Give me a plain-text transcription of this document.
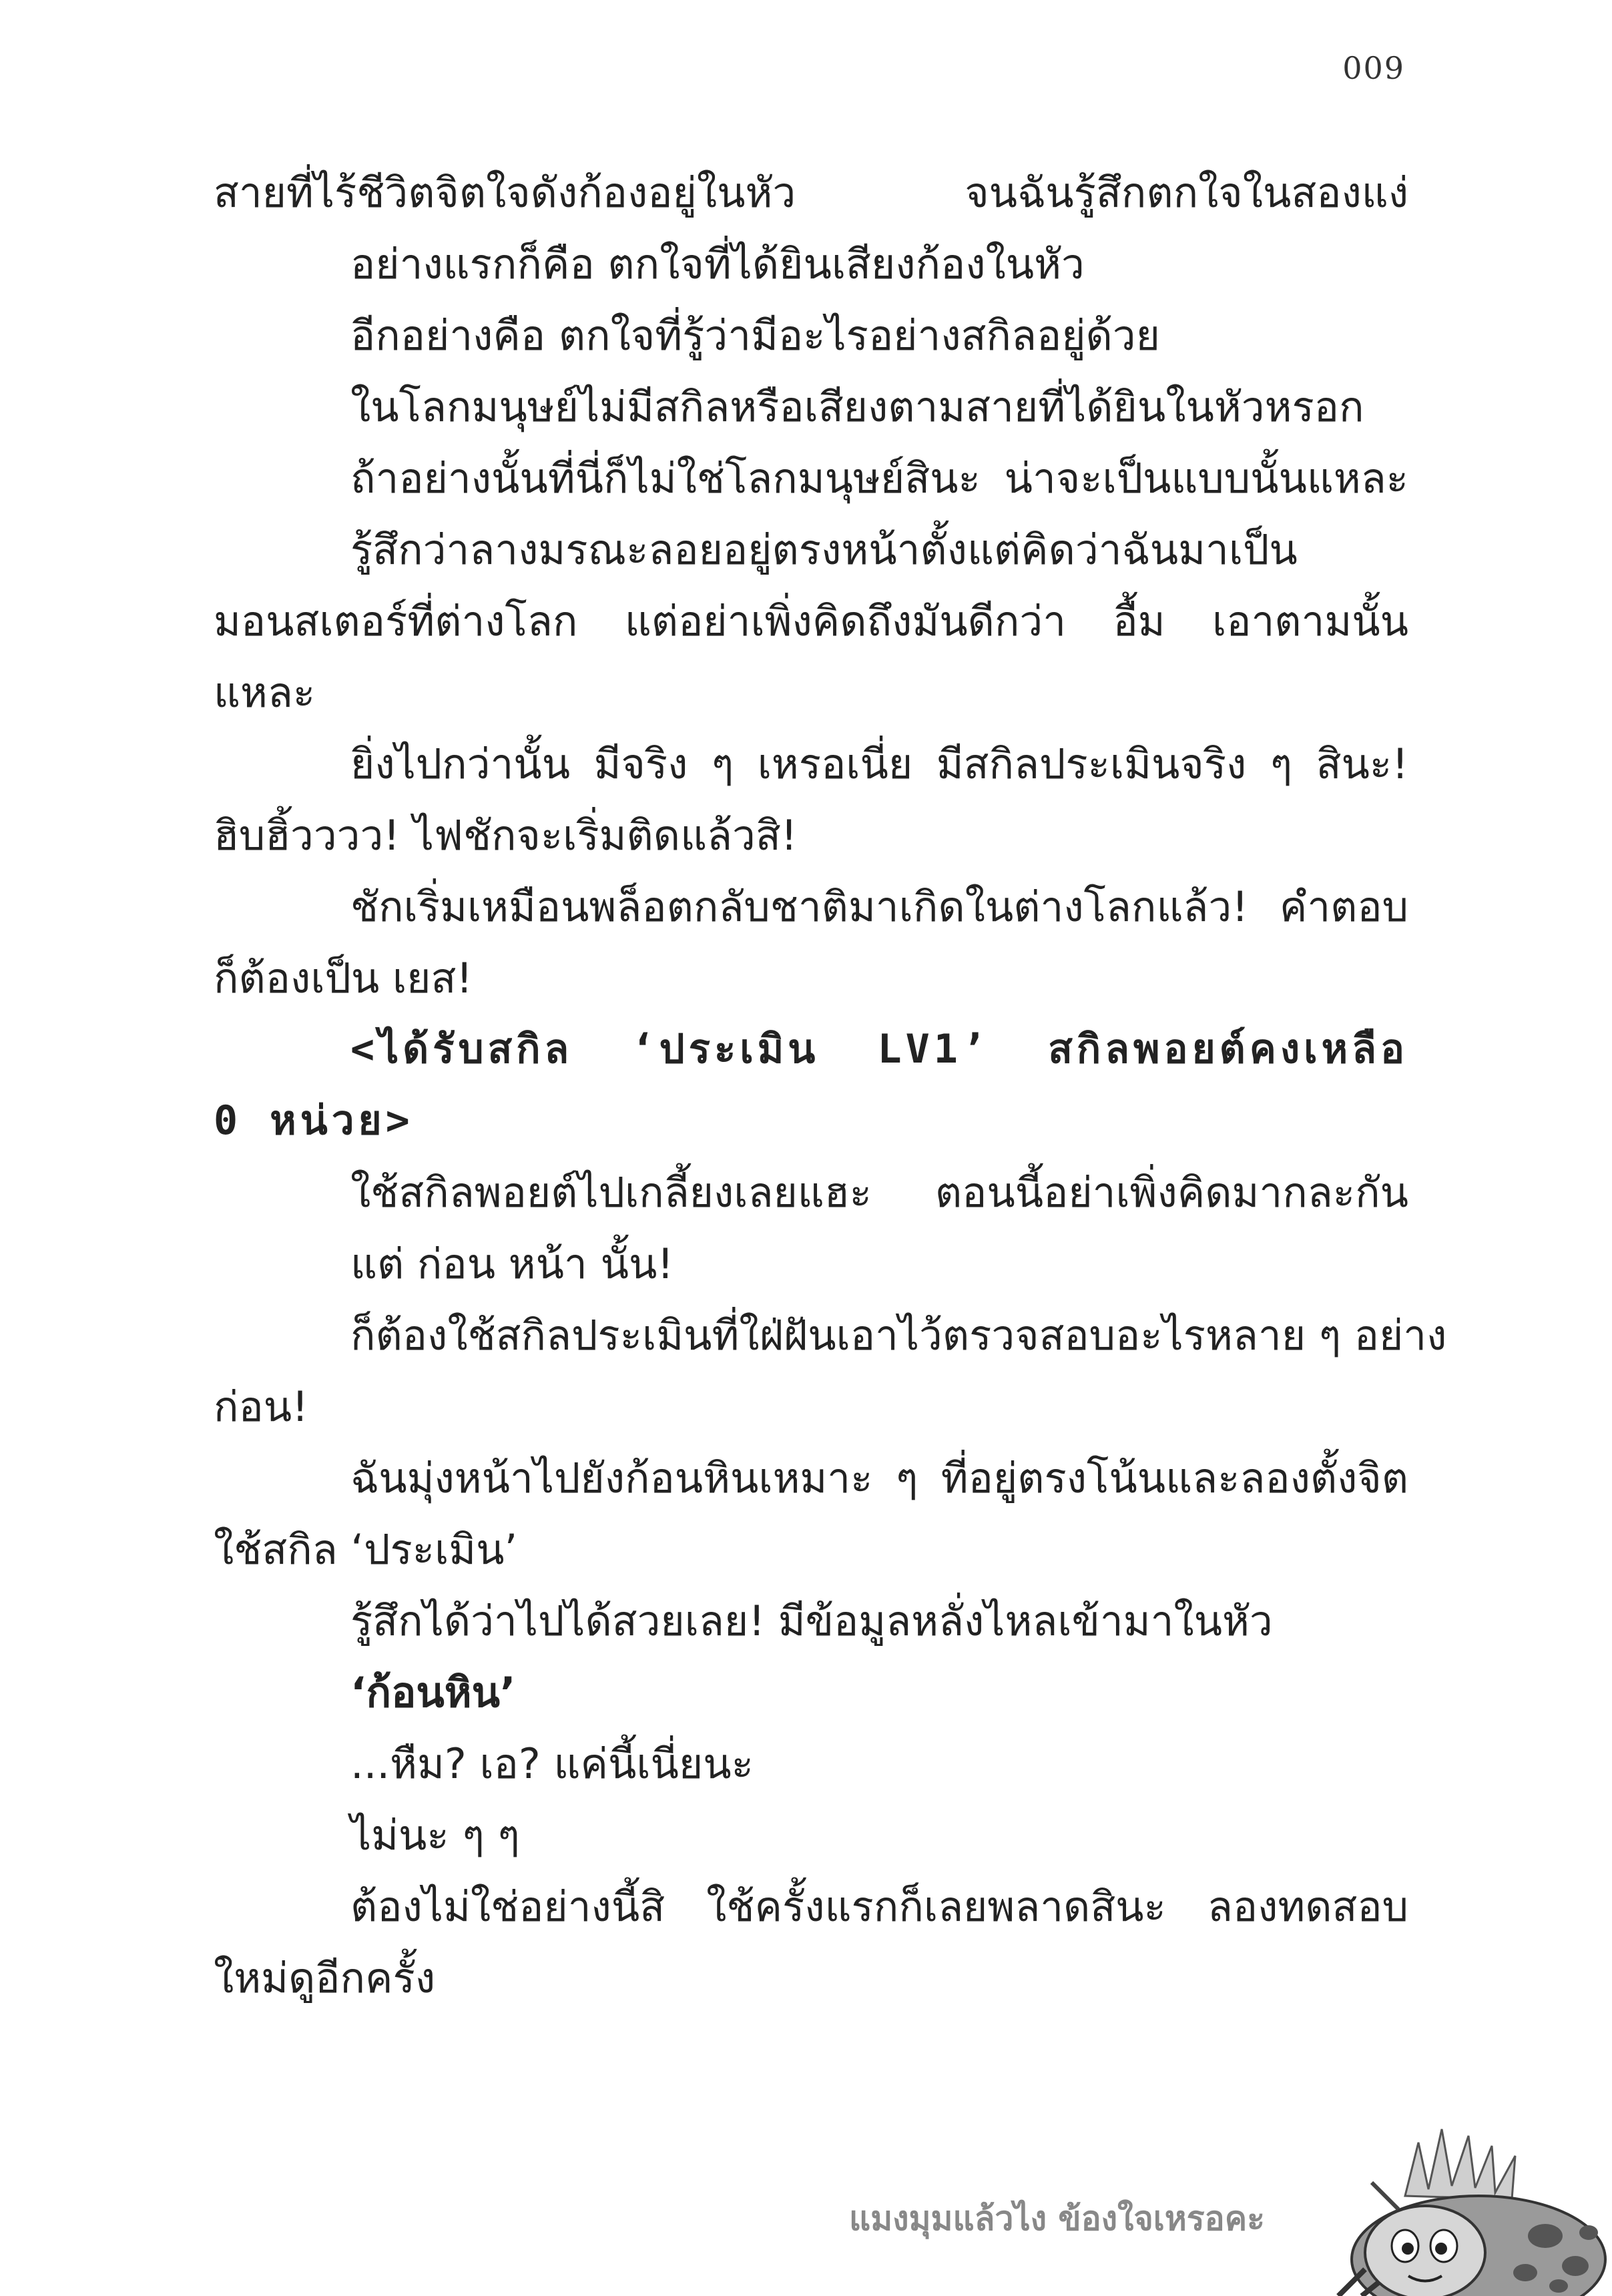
009
สายที่ไร้ชีวิตจิตใจดังก้องอยู่ในหัว จนฉันรู้สึกตกใจในสองแง่
อย่างแรกก็คือ ตกใจที่ได้ยินเสียงก้องในหัว
อีกอย่างคือ ตกใจที่รู้ว่ามีอะไรอย่างสกิลอยู่ด้วย
ในโลกมนุษย์ไม่มีสกิลหรือเสียงตามสายที่ได้ยินในหัวหรอก
ถ้าอย่างนั้นที่นี่ก็ไม่ใช่โลกมนุษย์สินะ น่าจะเป็นแบบนั้นแหละ
รู้สึกว่าลางมรณะลอยอยู่ตรงหน้าตั้งแต่คิดว่าฉันมาเป็น
มอนสเตอร์ที่ต่างโลก แต่อย่าเพิ่งคิดถึงมันดีกว่า อื้ม เอาตามนั้น
แหละ
ยิ่งไปกว่านั้น มีจริง ๆ เหรอเนี่ย มีสกิลประเมินจริง ๆ สินะ!
ฮิบฮิ้วววว! ไฟชักจะเริ่มติดแล้วสิ!
ชักเริ่มเหมือนพล็อตกลับชาติมาเกิดในต่างโลกแล้ว! คำตอบ
ก็ต้องเป็น เยส!
<ได้รับสกิล ‘ประเมิน LV1’ สกิลพอยต์คงเหลือ
0 หน่วย>
ใช้สกิลพอยต์ไปเกลี้ยงเลยแฮะ ตอนนี้อย่าเพิ่งคิดมากละกัน
แต่ ก่อน หน้า นั้น!
ก็ต้องใช้สกิลประเมินที่ใฝ่ฝันเอาไว้ตรวจสอบอะไรหลาย ๆ อย่าง
ก่อน!
ฉันมุ่งหน้าไปยังก้อนหินเหมาะ ๆ ที่อยู่ตรงโน้นและลองตั้งจิต
ใช้สกิล ‘ประเมิน’
รู้สึกได้ว่าไปได้สวยเลย! มีข้อมูลหลั่งไหลเข้ามาในหัว
‘ก้อนหิน’
...หืม? เอ? แค่นี้เนี่ยนะ
ไม่นะ ๆ ๆ
ต้องไม่ใช่อย่างนี้สิ ใช้ครั้งแรกก็เลยพลาดสินะ ลองทดสอบ
ใหม่ดูอีกครั้ง
แมงมุมแล้วไง ข้องใจเหรอคะ
